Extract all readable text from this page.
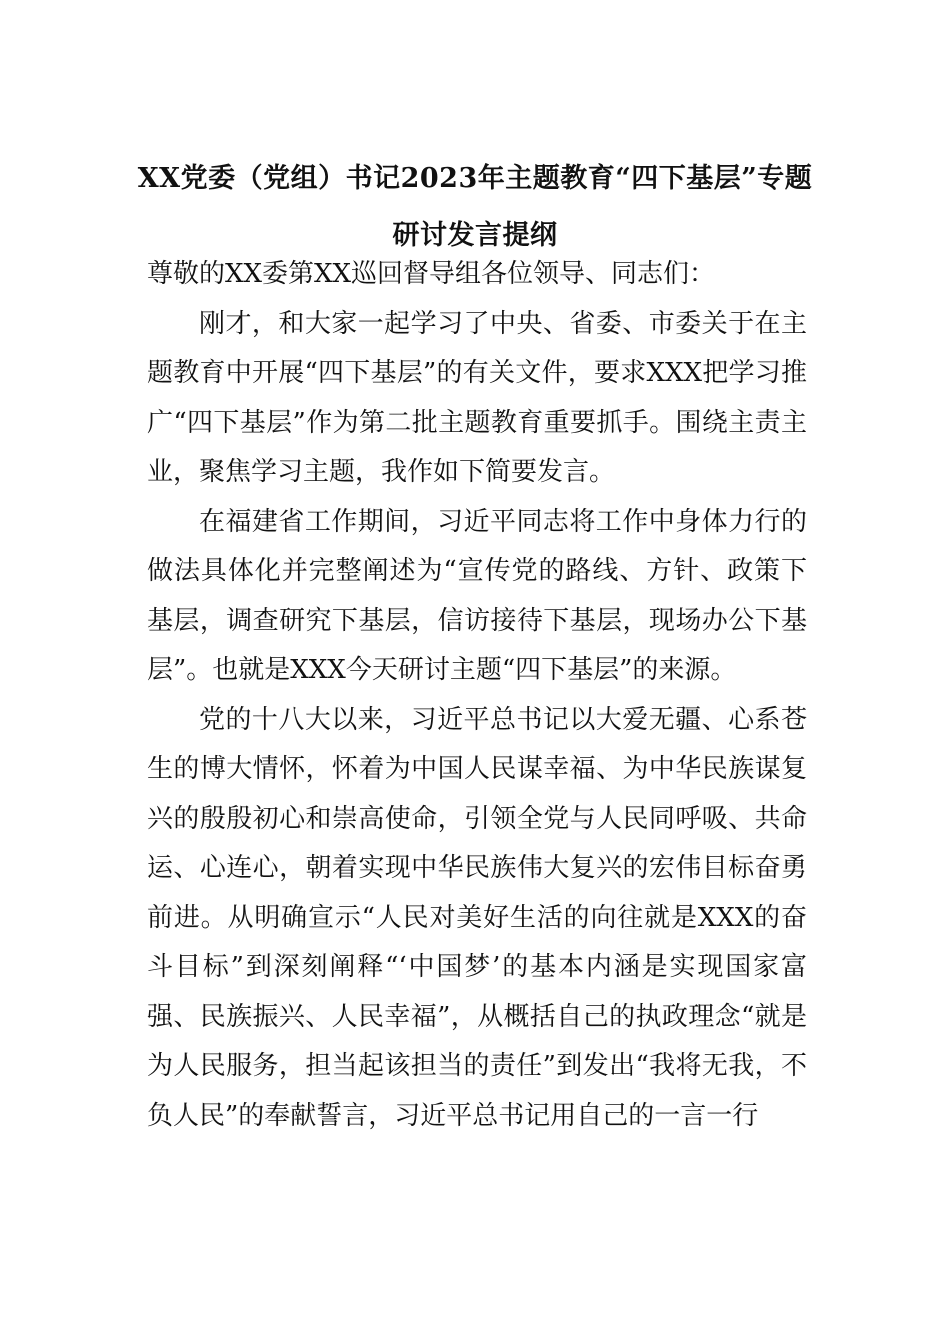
XX党委（党组）书记2023年主题教育“四下基层”专题研讨发言提纲

尊敬的XX委第XX巡回督导组各位领导、同志们：

刚才，和大家一起学习了中央、省委、市委关于在主题教育中开展“四下基层”的有关文件，要求XXX把学习推广“四下基层”作为第二批主题教育重要抓手。围绕主责主业，聚焦学习主题，我作如下简要发言。

在福建省工作期间，习近平同志将工作中身体力行的做法具体化并完整阐述为“宣传党的路线、方针、政策下基层，调查研究下基层，信访接待下基层，现场办公下基层”。也就是XXX今天研讨主题“四下基层”的来源。

党的十八大以来，习近平总书记以大爱无疆、心系苍生的博大情怀，怀着为中国人民谋幸福、为中华民族谋复兴的殷殷初心和崇高使命，引领全党与人民同呼吸、共命运、心连心，朝着实现中华民族伟大复兴的宏伟目标奋勇前进。从明确宣示“人民对美好生活的向往就是XXX的奋斗目标”到深刻阐释“‘中国梦’的基本内涵是实现国家富强、民族振兴、人民幸福”，从概括自己的执政理念“就是为人民服务，担当起该担当的责任”到发出“我将无我，不负人民”的奉献誓言，习近平总书记用自己的一言一行
